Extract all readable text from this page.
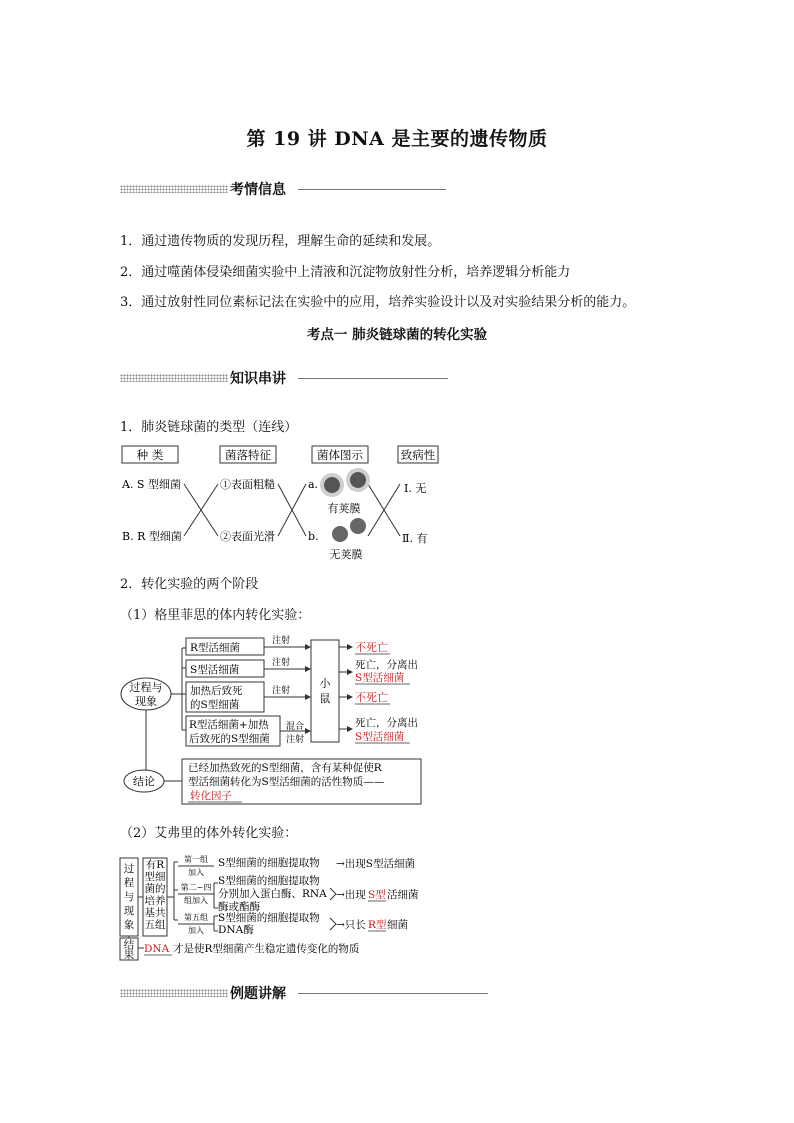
第 19 讲 DNA 是主要的遗传物质
考情信息
1．通过遗传物质的发现历程，理解生命的延续和发展。
2．通过噬菌体侵染细菌实验中上清液和沉淀物放射性分析，培养逻辑分析能力
3．通过放射性同位素标记法在实验中的应用，培养实验设计以及对实验结果分析的能力。
考点一 肺炎链球菌的转化实验
知识串讲
1．肺炎链球菌的类型（连线）
种 类	菌落特征	菌体图示	致病性
A. S 型细菌
B. R 型细菌
①表面粗糙
②表面光滑
a.
b.
Ⅰ. 无
Ⅱ. 有
有荚膜
无荚膜
2．转化实验的两个阶段
（1）格里菲思的体内转化实验：
过程与
现象
结论
R型活细菌
S型活细菌
加热后致死
的S型细菌
R型活细菌+加热
后致死的S型细菌
注射
注射
注射
混合
注射
小
鼠
不死亡
死亡，分离出
S型活细菌
不死亡
死亡，分离出
S型活细菌
已经加热致死的S型细菌，含有某种促使R
型活细菌转化为S型活细菌的活性物质——
转化因子
（2）艾弗里的体外转化实验：
过
程
与
现
象
结
果
有R
型细
菌的
培养
基共
五组
第一组
加入
第二~四
组加入
第五组
加入
S型细菌的细胞提取物
S型细菌的细胞提取物
分别加入蛋白酶、RNA
酶或酯酶
S型细菌的细胞提取物
DNA酶
→出现S型活细菌
→出现 S型 活细菌
→只长 R型 细菌
DNA 才是使R型细菌产生稳定遗传变化的物质
例题讲解
